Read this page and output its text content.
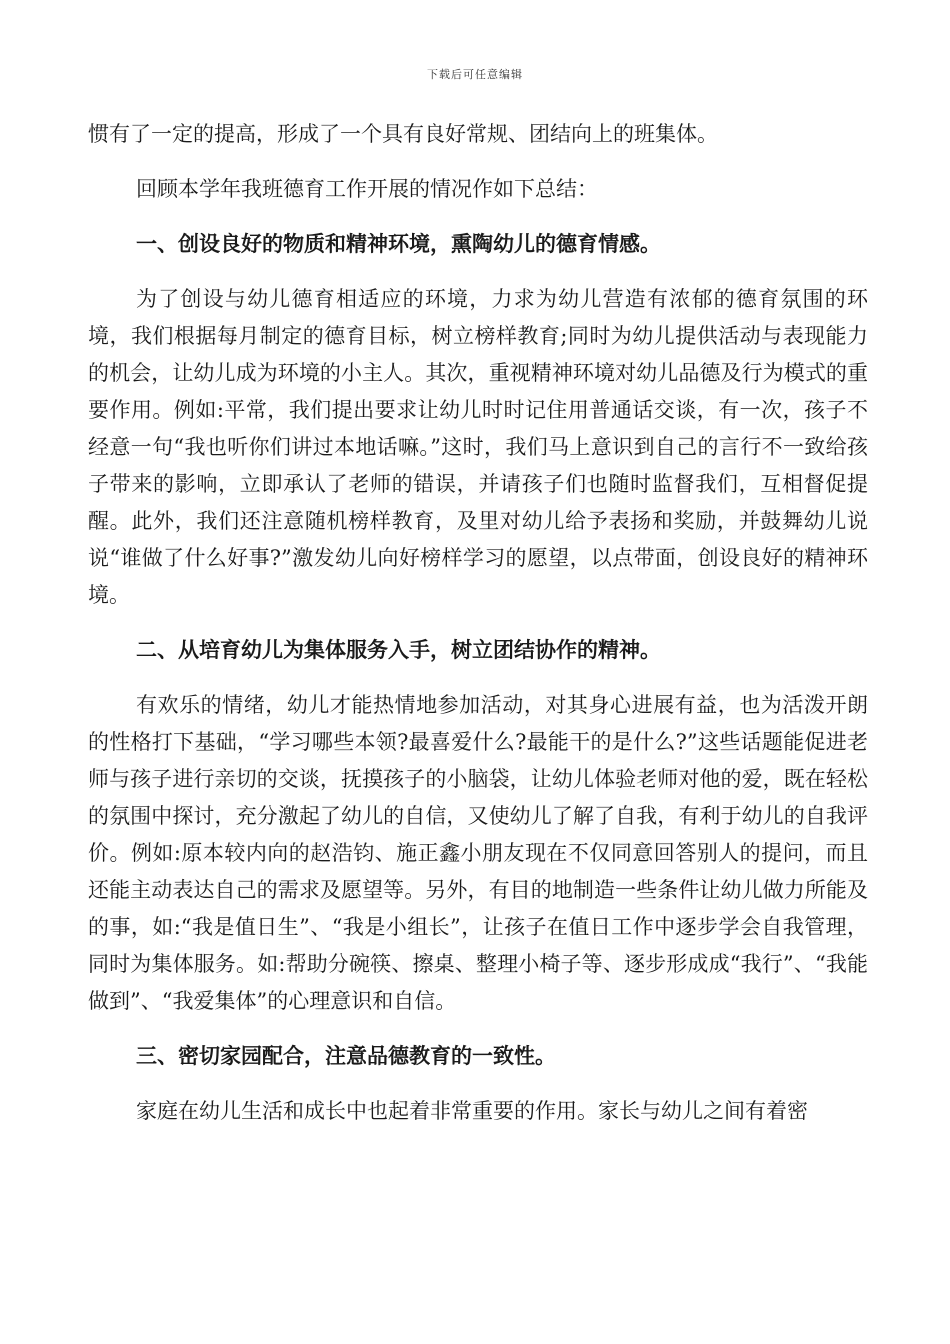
下载后可任意编辑

惯有了一定的提高，形成了一个具有良好常规、团结向上的班集体。

回顾本学年我班德育工作开展的情况作如下总结：

一、创设良好的物质和精神环境，熏陶幼儿的德育情感。

为了创设与幼儿德育相适应的环境，力求为幼儿营造有浓郁的德育氛围的环境，我们根据每月制定的德育目标，树立榜样教育;同时为幼儿提供活动与表现能力的机会，让幼儿成为环境的小主人。其次，重视精神环境对幼儿品德及行为模式的重要作用。例如:平常，我们提出要求让幼儿时时记住用普通话交谈，有一次，孩子不经意一句“我也听你们讲过本地话嘛。”这时，我们马上意识到自己的言行不一致给孩子带来的影响，立即承认了老师的错误，并请孩子们也随时监督我们，互相督促提醒。此外，我们还注意随机榜样教育，及里对幼儿给予表扬和奖励，并鼓舞幼儿说说“谁做了什么好事?”激发幼儿向好榜样学习的愿望，以点带面，创设良好的精神环境。

二、从培育幼儿为集体服务入手，树立团结协作的精神。

有欢乐的情绪，幼儿才能热情地参加活动，对其身心进展有益，也为活泼开朗的性格打下基础，“学习哪些本领?最喜爱什么?最能干的是什么?”这些话题能促进老师与孩子进行亲切的交谈，抚摸孩子的小脑袋，让幼儿体验老师对他的爱，既在轻松的氛围中探讨，充分激起了幼儿的自信，又使幼儿了解了自我，有利于幼儿的自我评价。例如:原本较内向的赵浩钧、施正鑫小朋友现在不仅同意回答别人的提问，而且还能主动表达自己的需求及愿望等。另外，有目的地制造一些条件让幼儿做力所能及的事，如:“我是值日生”、“我是小组长”，让孩子在值日工作中逐步学会自我管理，同时为集体服务。如:帮助分碗筷、擦桌、整理小椅子等、逐步形成成“我行”、“我能做到”、“我爱集体”的心理意识和自信。

三、密切家园配合，注意品德教育的一致性。

家庭在幼儿生活和成长中也起着非常重要的作用。家长与幼儿之间有着密
